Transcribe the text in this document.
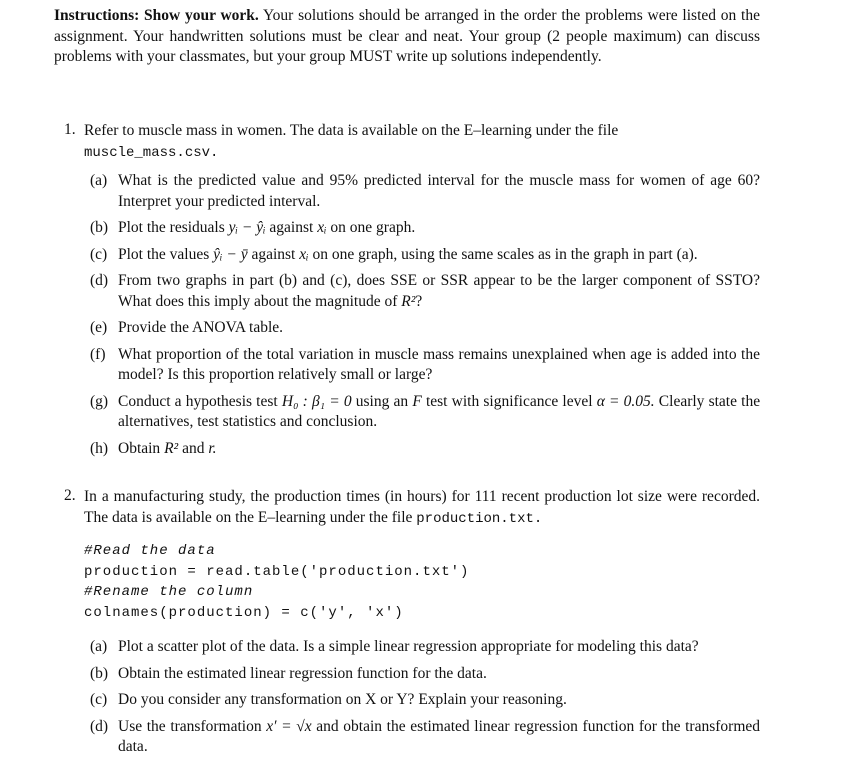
Instructions: Show your work. Your solutions should be arranged in the order the problems were listed on the assignment. Your handwritten solutions must be clear and neat. Your group (2 people maximum) can discuss problems with your classmates, but your group MUST write up solutions independently.
1. Refer to muscle mass in women. The data is available on the E–learning under the file
muscle_mass.csv.
(a) What is the predicted value and 95% predicted interval for the muscle mass for women of age 60? Interpret your predicted interval.
(b) Plot the residuals yᵢ − ŷᵢ against xᵢ on one graph.
(c) Plot the values ŷᵢ − ȳ against xᵢ on one graph, using the same scales as in the graph in part (a).
(d) From two graphs in part (b) and (c), does SSE or SSR appear to be the larger component of SSTO? What does this imply about the magnitude of R²?
(e) Provide the ANOVA table.
(f) What proportion of the total variation in muscle mass remains unexplained when age is added into the model? Is this proportion relatively small or large?
(g) Conduct a hypothesis test H₀ : β₁ = 0 using an F test with significance level α = 0.05. Clearly state the alternatives, test statistics and conclusion.
(h) Obtain R² and r.
2. In a manufacturing study, the production times (in hours) for 111 recent production lot size were recorded. The data is available on the E–learning under the file production.txt.
#Read the data
production = read.table('production.txt')
#Rename the column
colnames(production) = c('y', 'x')
(a) Plot a scatter plot of the data. Is a simple linear regression appropriate for modeling this data?
(b) Obtain the estimated linear regression function for the data.
(c) Do you consider any transformation on X or Y? Explain your reasoning.
(d) Use the transformation x′ = √x and obtain the estimated linear regression function for the transformed data.
